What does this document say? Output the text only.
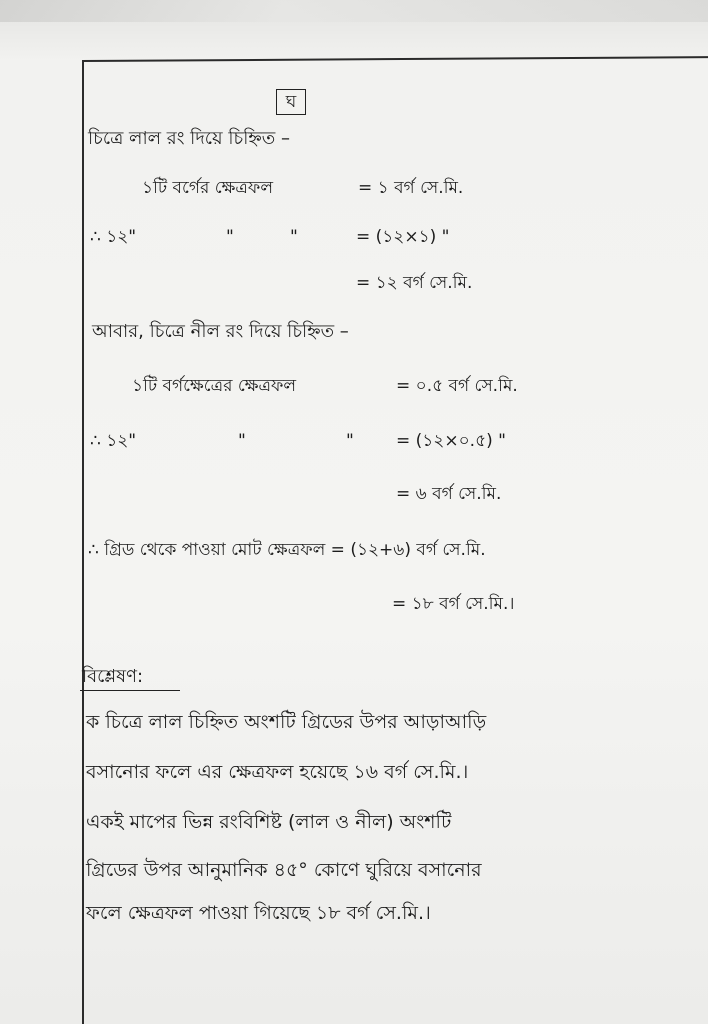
ঘ
চিত্রে লাল রং দিয়ে চিহ্নিত –
১টি বর্গের ক্ষেত্রফল	= ১ বর্গ সে.মি.
∴ ১২"	"	"	= (১২×১) "
= ১২ বর্গ সে.মি.
আবার, চিত্রে নীল রং দিয়ে চিহ্নিত –
১টি বর্গক্ষেত্রের ক্ষেত্রফল	= ০.৫ বর্গ সে.মি.
∴ ১২"	"	" = (১২×০.৫) "
= ৬ বর্গ সে.মি.
∴ গ্রিড থেকে পাওয়া মোট ক্ষেত্রফল = (১২+৬) বর্গ সে.মি.
= ১৮ বর্গ সে.মি.।
বিশ্লেষণ:
ক চিত্রে লাল চিহ্নিত অংশটি গ্রিডের উপর আড়াআড়ি
বসানোর ফলে এর ক্ষেত্রফল হয়েছে ১৬ বর্গ সে.মি.।
একই মাপের ভিন্ন রংবিশিষ্ট (লাল ও নীল) অংশটি
গ্রিডের উপর আনুমানিক ৪৫° কোণে ঘুরিয়ে বসানোর
ফলে ক্ষেত্রফল পাওয়া গিয়েছে ১৮ বর্গ সে.মি.।
